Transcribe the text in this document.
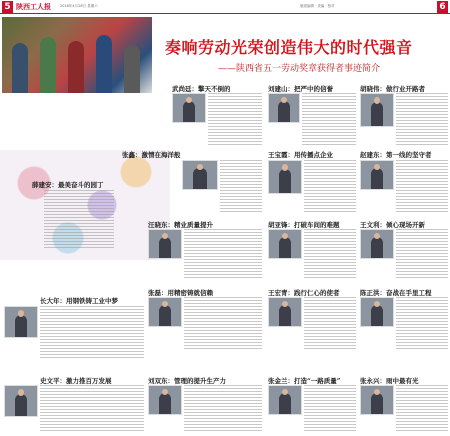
5 陕西工人报	2018年4月28日 星期六	版面编辑 · 美编 · 校对	6
奏响劳动光荣创造伟大的时代强音
——陕西省五一劳动奖章获得者事迹简介
武尚廷：擎天不倒的	刘建山：把严中的信誉	胡晓伟：做行业开路者
张鑫：激情在海洋般	王宝霞：用传播点企业	赵建东：第一线的坚守者
薛建安：最美奋斗的园丁
汪晓东：精业质量提升	胡亚锋：打破车间的难题	王文利：倾心现场开新
长大年：用钢铁铸工业中梦
张磊：用精密铸就信赖	王宏青：践行仁心的使者	陈正洪：奋战在手里工程
史文平：激力推百万发展	刘双东：管理的提升生产力	张金兰：打造“一路质量”	张永兴：雨中最有光
